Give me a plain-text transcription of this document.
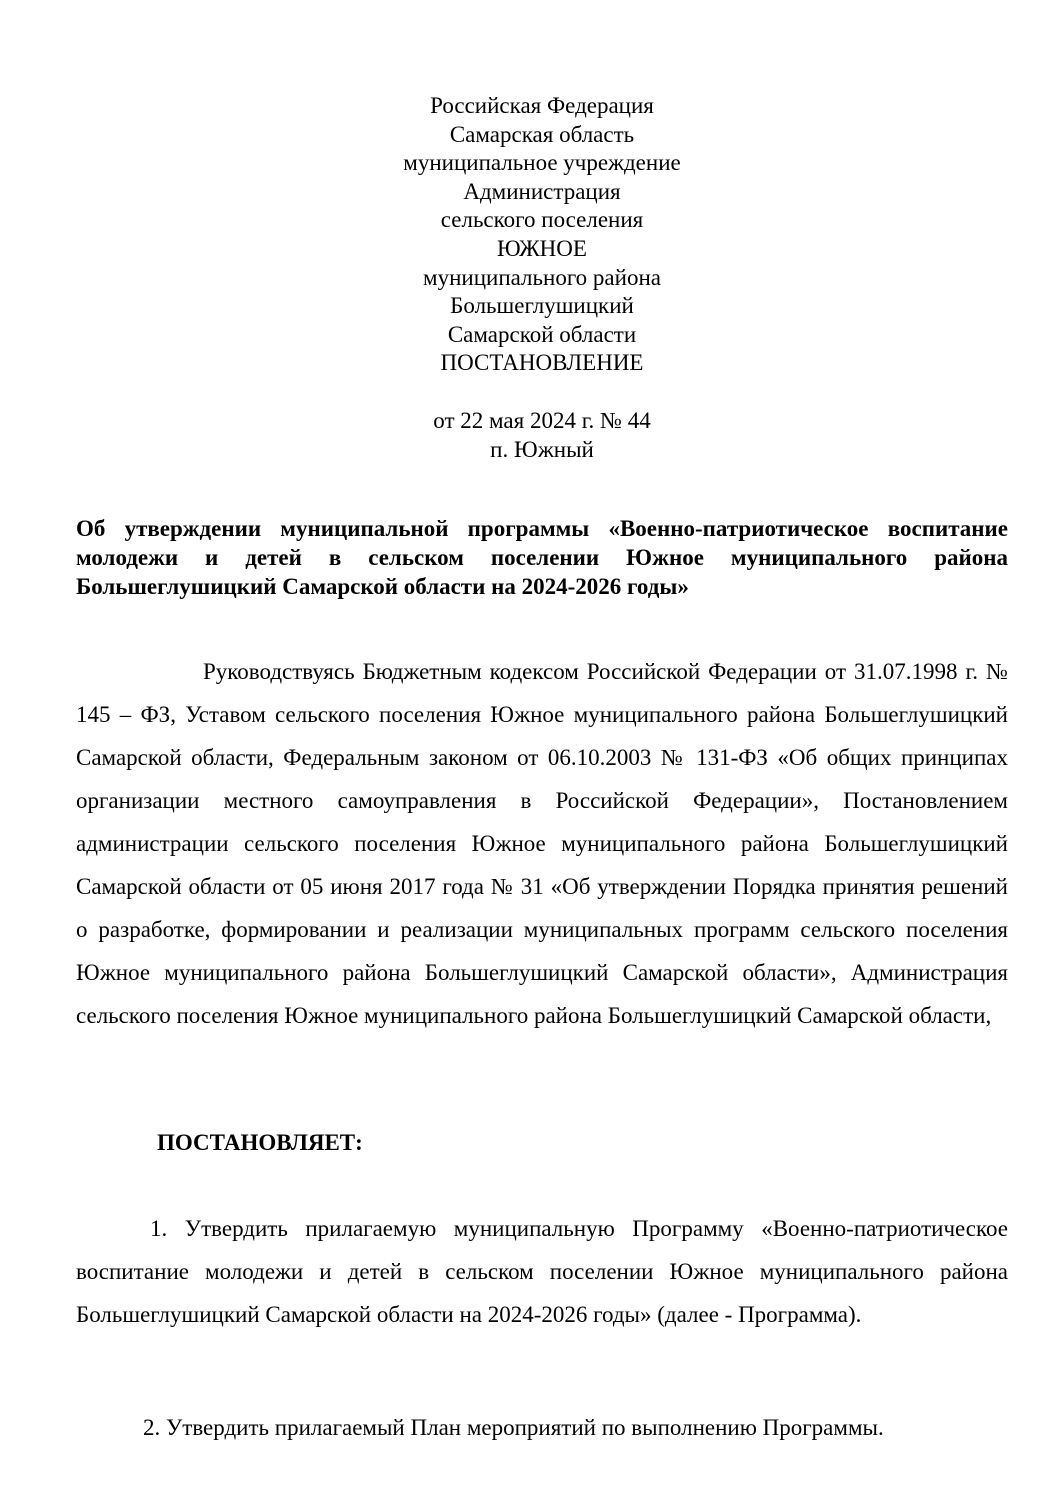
Российская Федерация
Самарская область
муниципальное учреждение
Администрация
сельского поселения
ЮЖНОЕ
муниципального района
Большеглушицкий
Самарской области
ПОСТАНОВЛЕНИЕ
от 22 мая 2024 г. № 44
п. Южный
Об утверждении муниципальной программы «Военно-патриотическое воспитание молодежи и детей в сельском поселении Южное муниципального района Большеглушицкий Самарской области на 2024-2026 годы»
Руководствуясь Бюджетным кодексом Российской Федерации от 31.07.1998 г. № 145 – ФЗ, Уставом сельского поселения Южное муниципального района Большеглушицкий Самарской области, Федеральным законом от 06.10.2003 № 131-ФЗ «Об общих принципах организации местного самоуправления в Российской Федерации», Постановлением администрации сельского поселения Южное муниципального района Большеглушицкий Самарской области от 05 июня 2017 года № 31 «Об утверждении Порядка принятия решений о разработке, формировании и реализации муниципальных программ сельского поселения Южное муниципального района Большеглушицкий Самарской области», Администрация сельского поселения Южное муниципального района Большеглушицкий Самарской области,
ПОСТАНОВЛЯЕТ:
1. Утвердить прилагаемую муниципальную Программу «Военно-патриотическое воспитание молодежи и детей в сельском поселении Южное муниципального района Большеглушицкий Самарской области на 2024-2026 годы» (далее - Программа).
2. Утвердить прилагаемый План мероприятий по выполнению Программы.
